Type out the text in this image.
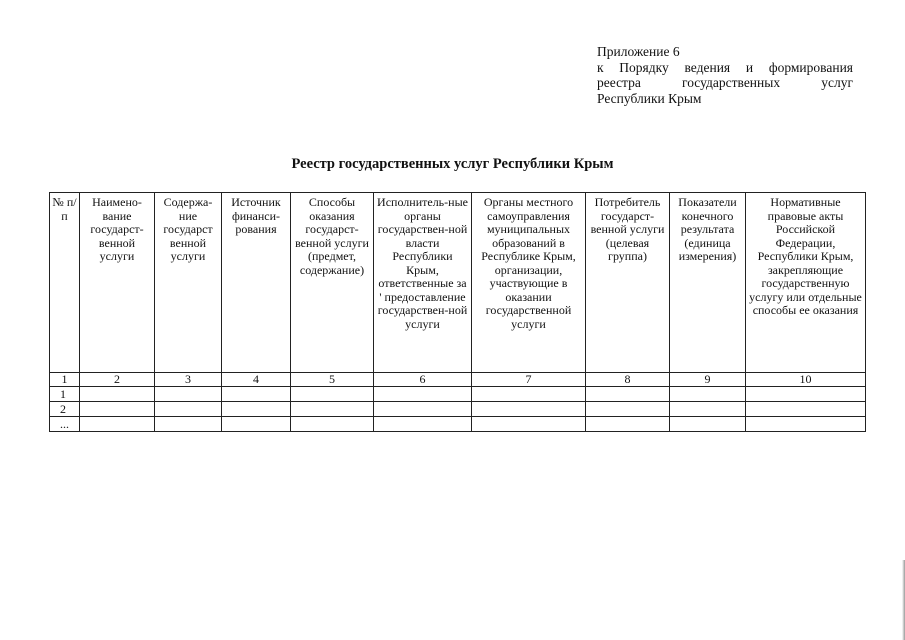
Приложение 6
к Порядку ведения и формирования
реестра государственных услуг
Республики Крым
Реестр государственных услуг Республики Крым
№ п/п	Наимено-вание государст-венной услуги	Содержа-ние государст венной услуги	Источник финанси-рования	Способы оказания государст-венной услуги (предмет, содержание)	Исполнитель-ные органы государствен-ной власти Республики Крым, ответственные за ' предоставление государствен-ной услуги	Органы местного самоуправления муниципальных образований в Республике Крым, организации, участвующие в оказании государственной услуги	Потребитель государст-венной услуги (целевая группа)	Показатели конечного результата (единица измерения)	Нормативные правовые акты Российской Федерации, Республики Крым, закрепляющие государственную услугу или отдельные способы ее оказания
1	2	3	4	5	6	7	8	9	10
1									
2									
...									
